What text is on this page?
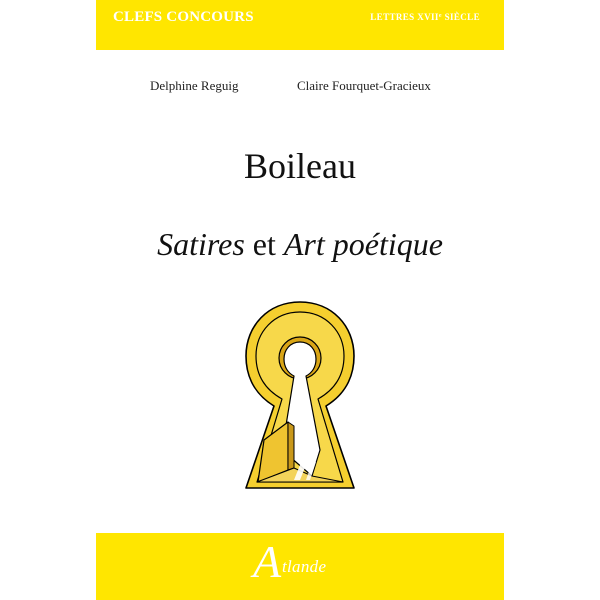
CLEFS CONCOURS	LETTRES XVIIe SIÈCLE
Delphine Reguig	Claire Fourquet-Gracieux
Boileau
Satires et Art poétique
A tlande
